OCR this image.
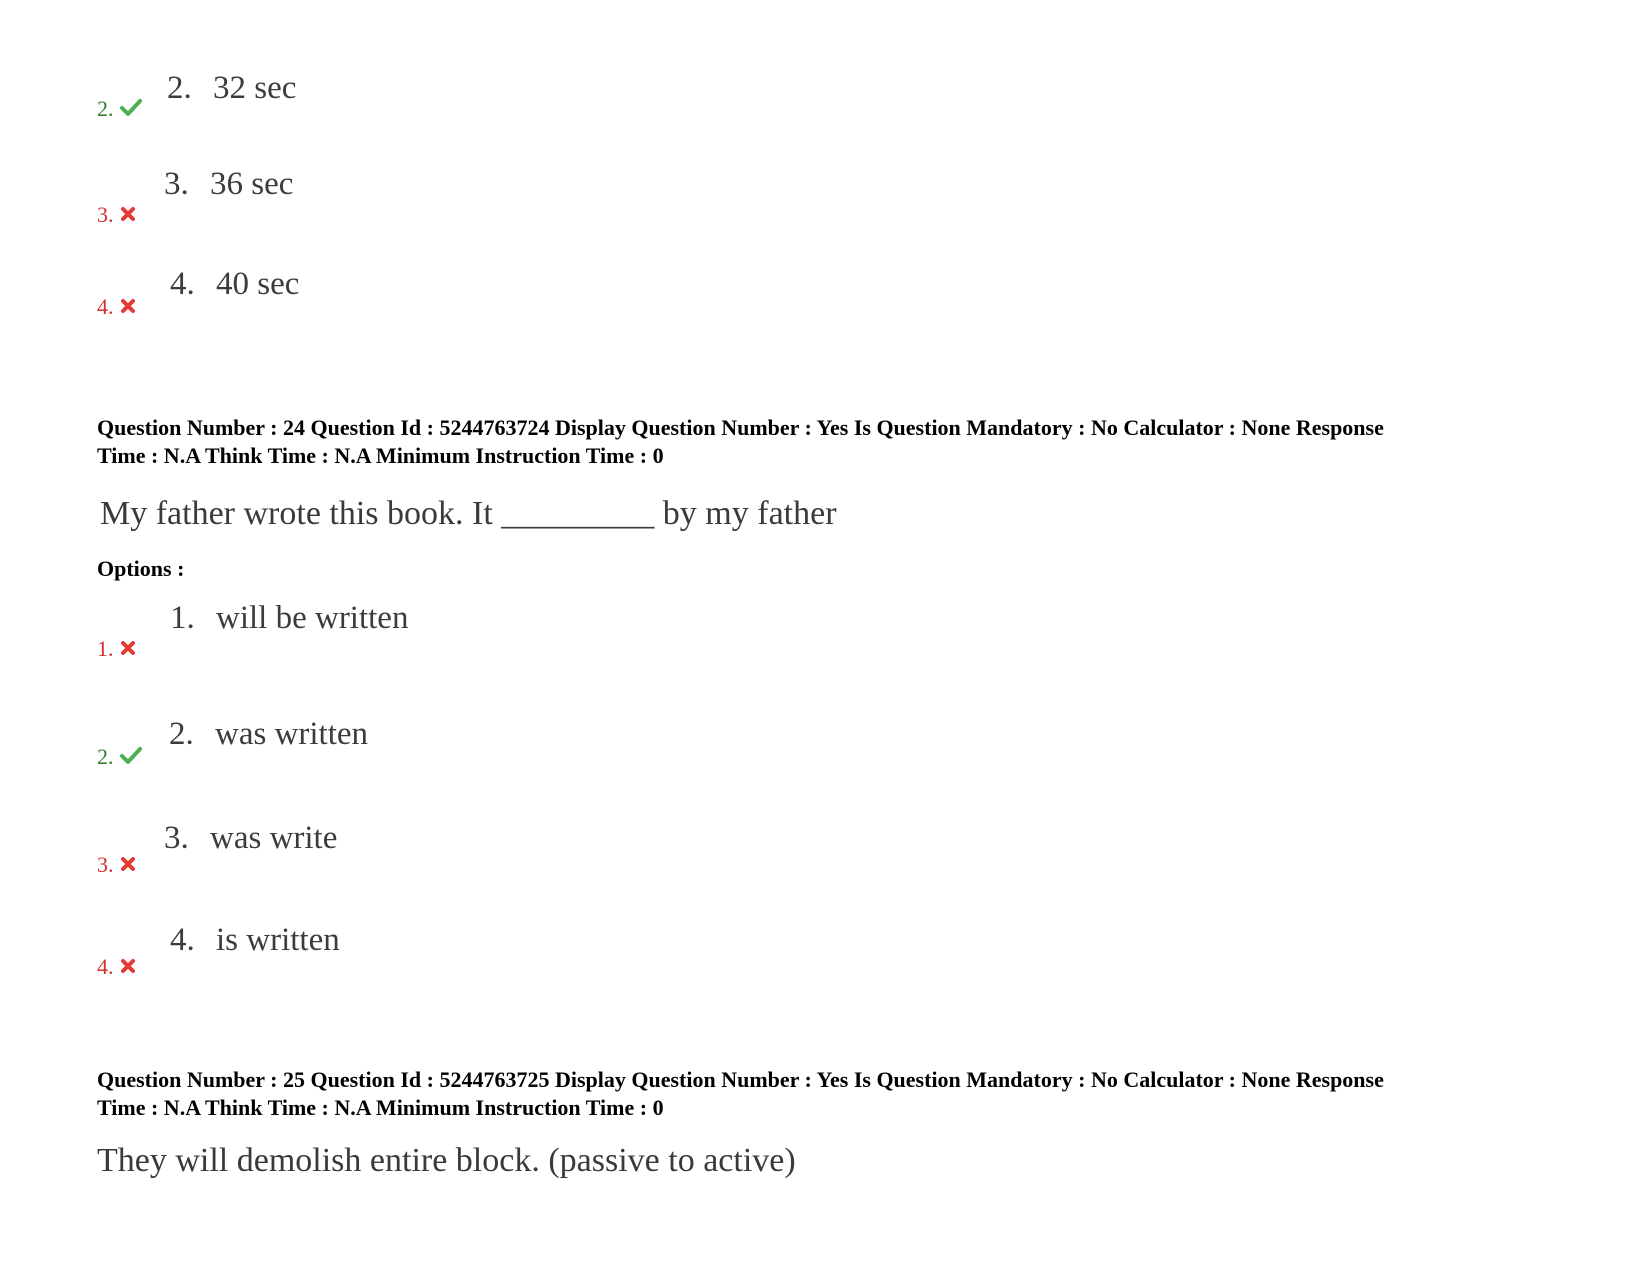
2. 32 sec
2.
3. 36 sec
3.
4. 40 sec
4.
Question Number : 24 Question Id : 5244763724 Display Question Number : Yes Is Question Mandatory : No Calculator : None Response
Time : N.A Think Time : N.A Minimum Instruction Time : 0
My father wrote this book. It _________ by my father
Options :
1. will be written
1.
2. was written
2.
3. was write
3.
4. is written
4.
Question Number : 25 Question Id : 5244763725 Display Question Number : Yes Is Question Mandatory : No Calculator : None Response
Time : N.A Think Time : N.A Minimum Instruction Time : 0
They will demolish entire block. (passive to active)
